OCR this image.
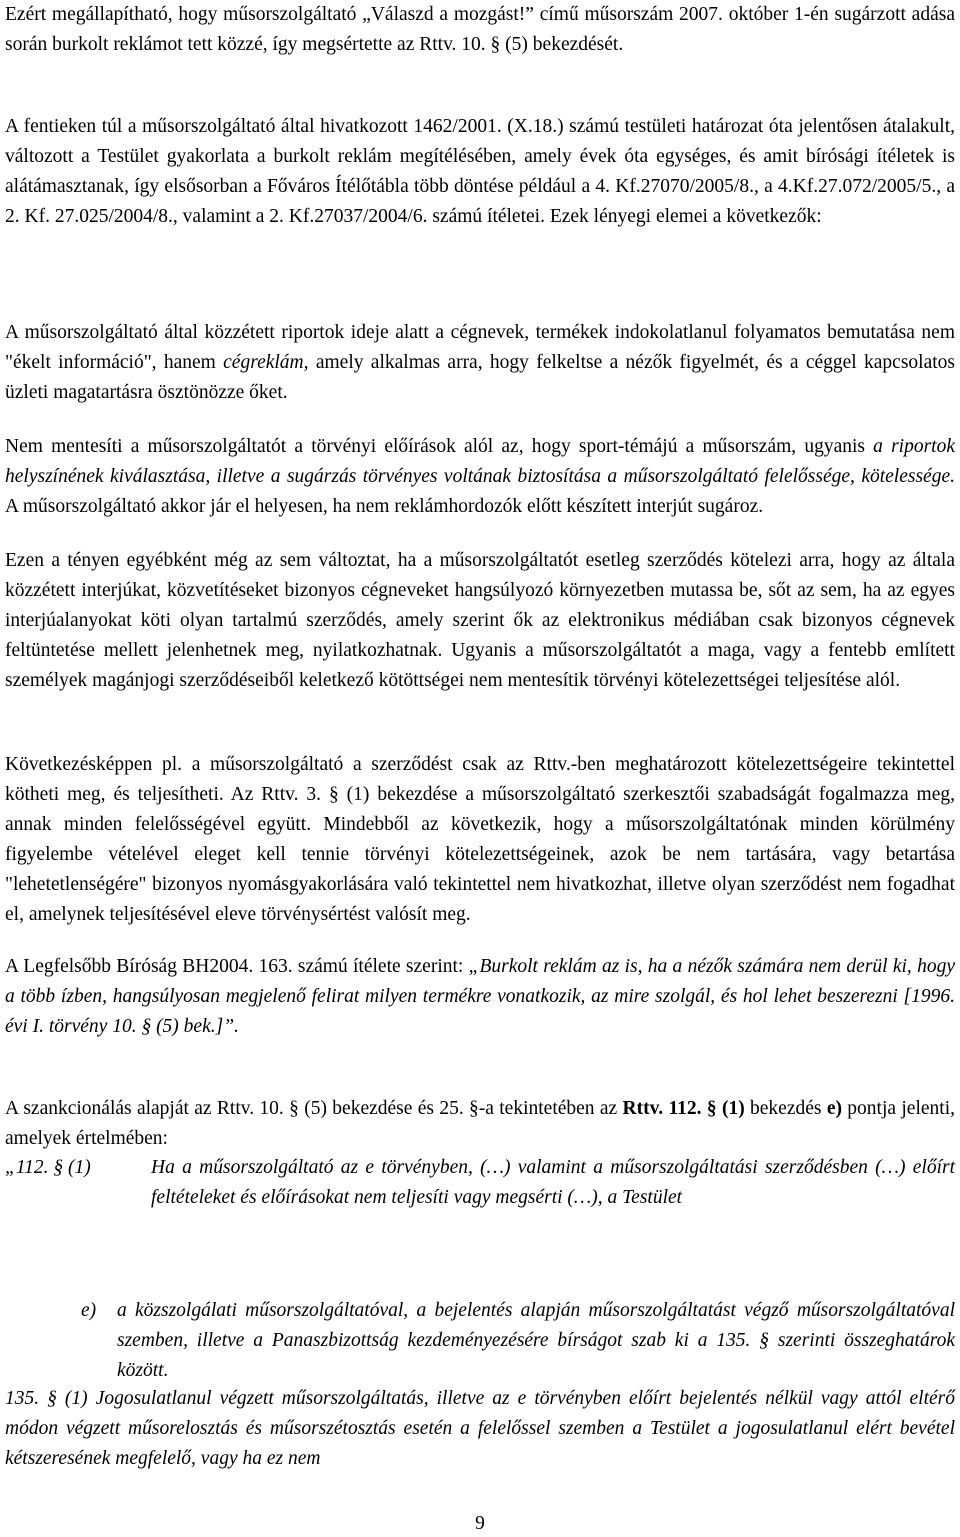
Ezért megállapítható, hogy műsorszolgáltató „Válaszd a mozgást!” című műsorszám 2007. október 1-én sugárzott adása során burkolt reklámot tett közzé, így megsértette az Rttv. 10. § (5) bekezdését.

A fentieken túl a műsorszolgáltató által hivatkozott 1462/2001. (X.18.) számú testületi határozat óta jelentősen átalakult, változott a Testület gyakorlata a burkolt reklám megítélésében, amely évek óta egységes, és amit bírósági ítéletek is alátámasztanak, így elsősorban a Főváros Ítélőtábla több döntése például a 4. Kf.27070/2005/8., a 4.Kf.27.072/2005/5., a 2. Kf. 27.025/2004/8., valamint a 2. Kf.27037/2004/6. számú ítéletei. Ezek lényegi elemei a következők:

A műsorszolgáltató által közzétett riportok ideje alatt a cégnevek, termékek indokolatlanul folyamatos bemutatása nem "ékelt információ", hanem cégreklám, amely alkalmas arra, hogy felkeltse a nézők figyelmét, és a céggel kapcsolatos üzleti magatartásra ösztönözze őket.

Nem mentesíti a műsorszolgáltatót a törvényi előírások alól az, hogy sport-témájú a műsorszám, ugyanis a riportok helyszínének kiválasztása, illetve a sugárzás törvényes voltának biztosítása a műsorszolgáltató felelőssége, kötelessége. A műsorszolgáltató akkor jár el helyesen, ha nem reklámhordozók előtt készített interjút sugároz.

Ezen a tényen egyébként még az sem változtat, ha a műsorszolgáltatót esetleg szerződés kötelezi arra, hogy az általa közzétett interjúkat, közvetítéseket bizonyos cégneveket hangsúlyozó környezetben mutassa be, sőt az sem, ha az egyes interjúalanyokat köti olyan tartalmú szerződés, amely szerint ők az elektronikus médiában csak bizonyos cégnevek feltüntetése mellett jelenhetnek meg, nyilatkozhatnak. Ugyanis a műsorszolgáltatót a maga, vagy a fentebb említett személyek magánjogi szerződéseiből keletkező kötöttségei nem mentesítik törvényi kötelezettségei teljesítése alól.

Következésképpen pl. a műsorszolgáltató a szerződést csak az Rttv.-ben meghatározott kötelezettségeire tekintettel kötheti meg, és teljesítheti. Az Rttv. 3. § (1) bekezdése a műsorszolgáltató szerkesztői szabadságát fogalmazza meg, annak minden felelősségével együtt. Mindebből az következik, hogy a műsorszolgáltatónak minden körülmény figyelembe vételével eleget kell tennie törvényi kötelezettségeinek, azok be nem tartására, vagy betartása "lehetetlenségére" bizonyos nyomásgyakorlására való tekintettel nem hivatkozhat, illetve olyan szerződést nem fogadhat el, amelynek teljesítésével eleve törvénysértést valósít meg.

A Legfelsőbb Bíróság BH2004. 163. számú ítélete szerint: „Burkolt reklám az is, ha a nézők számára nem derül ki, hogy a több ízben, hangsúlyosan megjelenő felirat milyen termékre vonatkozik, az mire szolgál, és hol lehet beszerezni [1996. évi I. törvény 10. § (5) bek.]”.

A szankcionálás alapját az Rttv. 10. § (5) bekezdése és 25. §-a tekintetében az Rttv. 112. § (1) bekezdés e) pontja jelenti, amelyek értelmében:

„112. § (1)	Ha a műsorszolgáltató az e törvényben, (…) valamint a műsorszolgáltatási szerződésben (…) előírt feltételeket és előírásokat nem teljesíti vagy megsérti (…), a Testület

e) a közszolgálati műsorszolgáltatóval, a bejelentés alapján műsorszolgáltatást végző műsorszolgáltatóval szemben, illetve a Panaszbizottság kezdeményezésére bírságot szab ki a 135. § szerinti összeghatárok között.

135. § (1) Jogosulatlanul végzett műsorszolgáltatás, illetve az e törvényben előírt bejelentés nélkül vagy attól eltérő módon végzett műsorelosztás és műsorszétosztás esetén a felelőssel szemben a Testület a jogosulatlanul elért bevétel kétszeresének megfelelő, vagy ha ez nem

9
